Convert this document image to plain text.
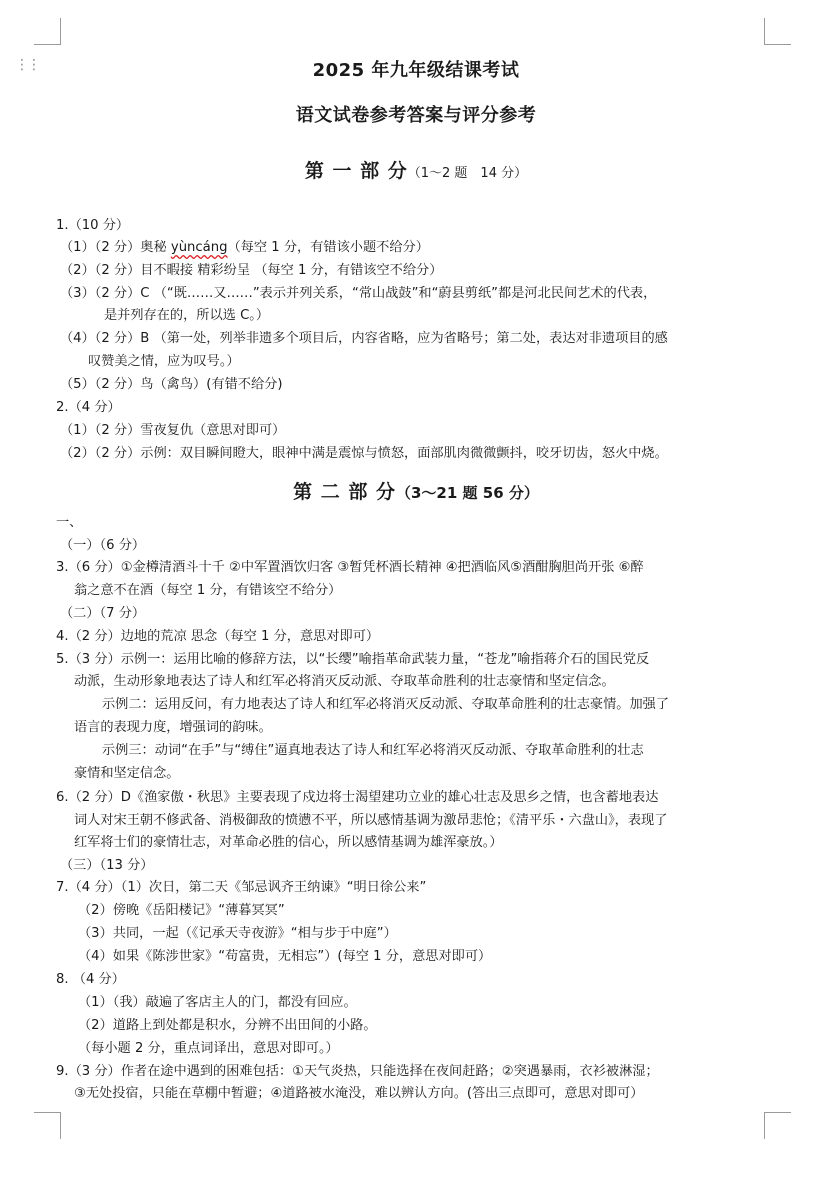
⋮⋮	2025 年九年级结课考试
语文试卷参考答案与评分参考
第 一 部 分（1～2 题　14 分）
1.（10 分）
（1）（2 分）奥秘 yùncáng（每空 1 分，有错该小题不给分）
（2）（2 分）目不暇接 精彩纷呈 （每空 1 分，有错该空不给分）
（3）（2 分）C （“既……又……”表示并列关系，“常山战鼓”和“蔚县剪纸”都是河北民间艺术的代表，
是并列存在的，所以选 C。）
（4）（2 分）B （第一处，列举非遗多个项目后，内容省略，应为省略号；第二处，表达对非遗项目的感
叹赞美之情，应为叹号。）
（5）（2 分）鸟（禽鸟）(有错不给分)
2.（4 分）
（1）（2 分）雪夜复仇（意思对即可）
（2）（2 分）示例：双目瞬间瞪大，眼神中满是震惊与愤怒，面部肌肉微微颤抖，咬牙切齿，怒火中烧。
第 二 部 分（3～21 题 56 分）
一、
（一）（6 分）
3.（6 分）①金樽清酒斗十千 ②中军置酒饮归客 ③暂凭杯酒长精神 ④把酒临风⑤酒酣胸胆尚开张 ⑥醉
翁之意不在酒（每空 1 分，有错该空不给分）
（二）（7 分）
4.（2 分）边地的荒凉 思念（每空 1 分，意思对即可）
5.（3 分）示例一：运用比喻的修辞方法，以“长缨”喻指革命武装力量，“苍龙”喻指蒋介石的国民党反
动派，生动形象地表达了诗人和红军必将消灭反动派、夺取革命胜利的壮志豪情和坚定信念。
示例二：运用反问，有力地表达了诗人和红军必将消灭反动派、夺取革命胜利的壮志豪情。加强了
语言的表现力度，增强词的韵味。
示例三：动词“在手”与“缚住”逼真地表达了诗人和红军必将消灭反动派、夺取革命胜利的壮志
豪情和坚定信念。
6.（2 分）D《渔家傲・秋思》主要表现了戍边将士渴望建功立业的雄心壮志及思乡之情，也含蓄地表达
词人对宋王朝不修武备、消极御敌的愤懑不平，所以感情基调为激昂悲怆；《清平乐・六盘山》，表现了
红军将士们的豪情壮志，对革命必胜的信心，所以感情基调为雄浑豪放。）
（三）（13 分）
7.（4 分）（1）次日，第二天《邹忌讽齐王纳谏》“明日徐公来”
（2）傍晚《岳阳楼记》“薄暮冥冥”
（3）共同，一起（《记承天寺夜游》“相与步于中庭”）
（4）如果《陈涉世家》“苟富贵，无相忘”）(每空 1 分，意思对即可）
8. （4 分）
（1）（我）敲遍了客店主人的门，都没有回应。
（2）道路上到处都是积水，分辨不出田间的小路。
（每小题 2 分，重点词译出，意思对即可。）
9.（3 分）作者在途中遇到的困难包括：①天气炎热，只能选择在夜间赶路；②突遇暴雨，衣衫被淋湿；
③无处投宿，只能在草棚中暂避；④道路被水淹没，难以辨认方向。(答出三点即可，意思对即可）
